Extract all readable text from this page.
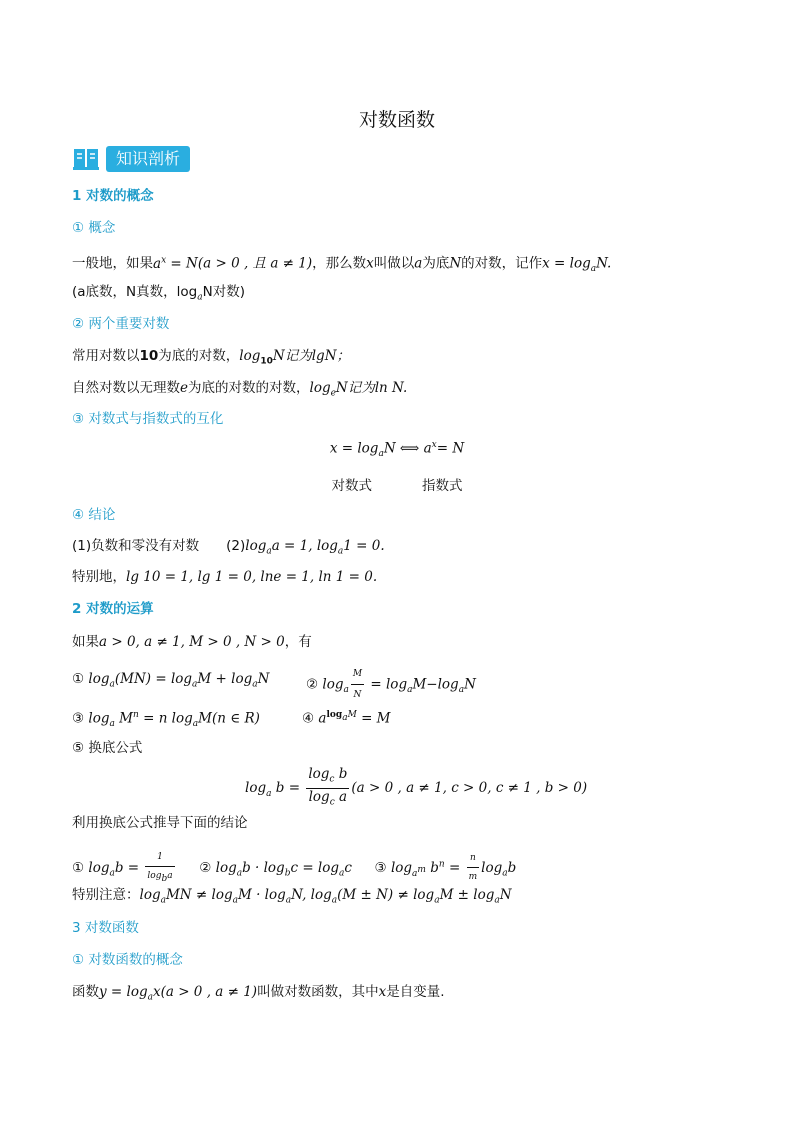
对数函数
知识剖析
1 对数的概念
① 概念
一般地，如果$a^x = N(a > 0$ , 且 a ≠ 1)，那么数x叫做以a为底N的对数，记作$x = \log_aN$.
(a底数，N真数，$\log_aN$对数)
② 两个重要对数
常用对数以10为底的对数，$\log_{10}N$记为lgN；
自然对数以无理数e为底的对数的对数，$\log_eN$记为ln N.
③ 对数式与指数式的互化
$x = \log_aN$ ⟺ $a^x= N$
对数式	指数式
④ 结论
(1)负数和零没有对数　　$(2)\log_aa = 1$, $\log_a1 = 0$.
特别地，lg 10 = 1, lg 1 = 0, lne = 1, ln 1 = 0.
2 对数的运算
如果a > 0, a ≠ 1, M > 0 , N > 0，有
① $\log_a(MN) = \log_aM + \log_aN$	② $\log_a \frac{M}{N} = \log_aM-\log_aN$
③ $\log_a M^n = n$ $\log_aM(n$ ∈ R)	④ $a^{log_aM} = M$
⑤ 换底公式
$\log_a b = \frac{\log_c b}{\log_c a} (a > 0$ , a ≠ 1, c > 0, c ≠ 1 , b > 0)
利用换底公式推导下面的结论
① $\log_ab = \frac{1}{\log_ba}$ ② $\log_ab \cdot \log_bc = \log_ac$ ③ $\log_{a^m} b^n = \frac{n}{m} \log_ab$
特别注意：$\log_aMN \ne \log_aM \cdot \log_aN$, $\log_a(M \pm N) \ne \log_aM \pm \log_aN$
3 对数函数
① 对数函数的概念
函数$y = \log_ax(a > 0$ , a ≠ 1)叫做对数函数，其中x是自变量.
